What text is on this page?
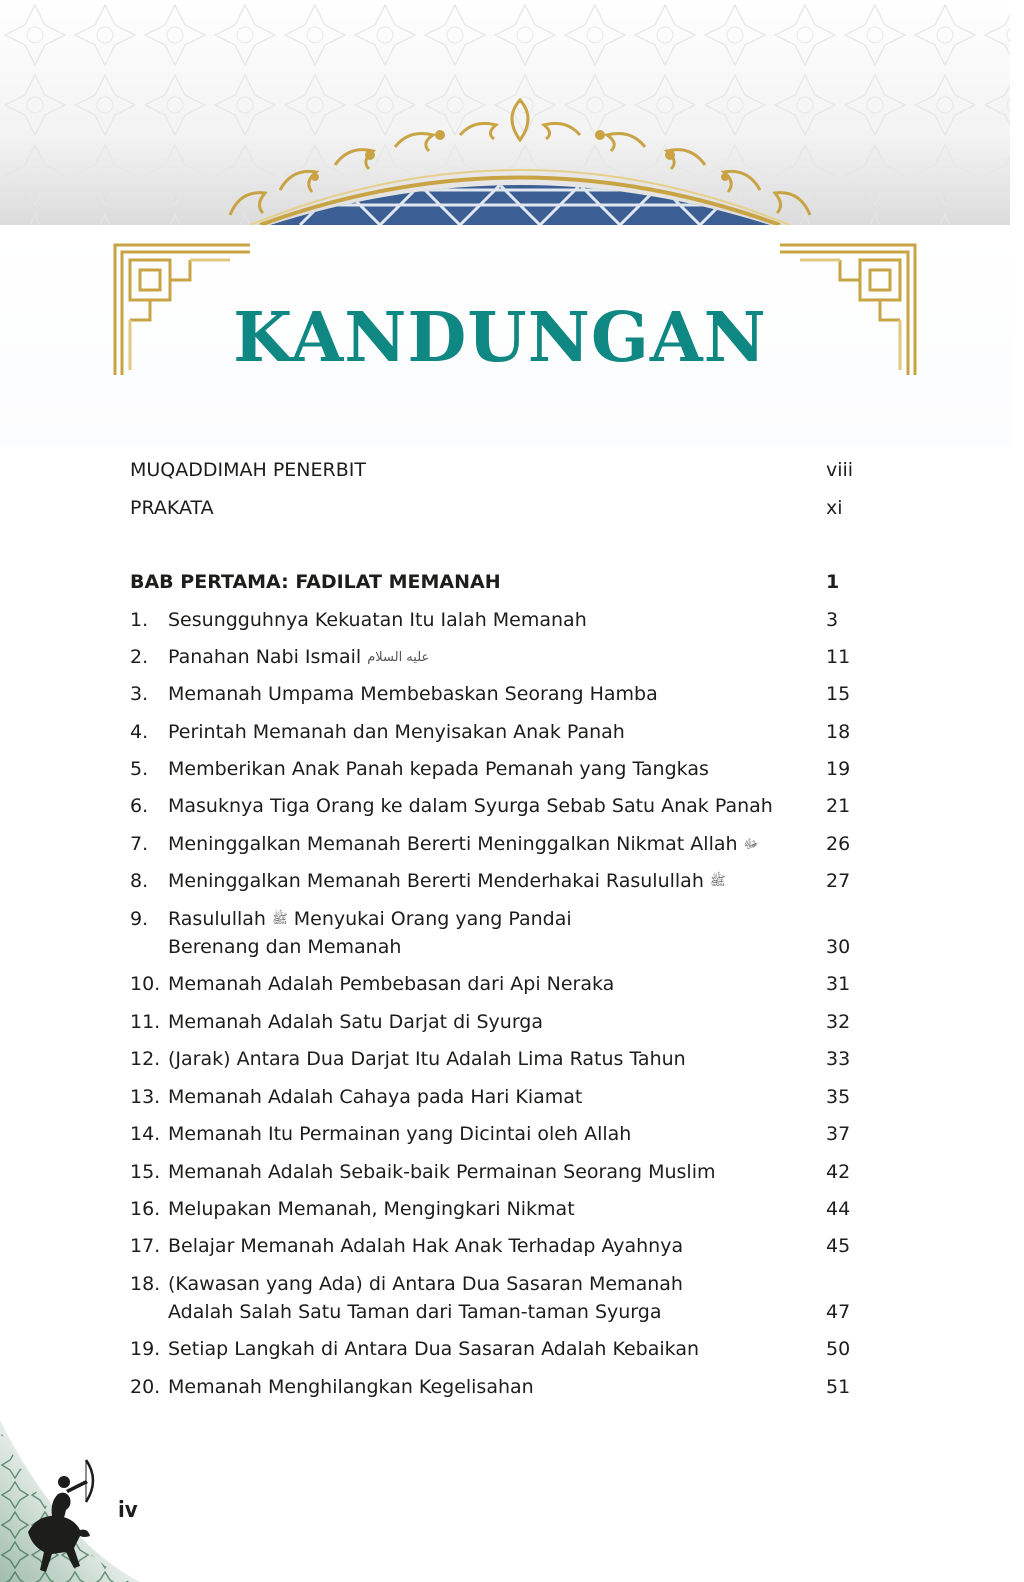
KANDUNGAN
MUQADDIMAH PENERBIT	viii
PRAKATA	xi
BAB PERTAMA: FADILAT MEMANAH	1
1. Sesungguhnya Kekuatan Itu Ialah Memanah	3
2. Panahan Nabi Ismail عليه السلام	11
3. Memanah Umpama Membebaskan Seorang Hamba	15
4. Perintah Memanah dan Menyisakan Anak Panah	18
5. Memberikan Anak Panah kepada Pemanah yang Tangkas	19
6. Masuknya Tiga Orang ke dalam Syurga Sebab Satu Anak Panah	21
7. Meninggalkan Memanah Bererti Meninggalkan Nikmat Allah ﷻ	26
8. Meninggalkan Memanah Bererti Menderhakai Rasulullah ﷺ	27
9. Rasulullah ﷺ Menyukai Orang yang Pandai
Berenang dan Memanah	30
10. Memanah Adalah Pembebasan dari Api Neraka	31
11. Memanah Adalah Satu Darjat di Syurga	32
12. (Jarak) Antara Dua Darjat Itu Adalah Lima Ratus Tahun	33
13. Memanah Adalah Cahaya pada Hari Kiamat	35
14. Memanah Itu Permainan yang Dicintai oleh Allah	37
15. Memanah Adalah Sebaik-baik Permainan Seorang Muslim	42
16. Melupakan Memanah, Mengingkari Nikmat	44
17. Belajar Memanah Adalah Hak Anak Terhadap Ayahnya	45
18. (Kawasan yang Ada) di Antara Dua Sasaran Memanah
Adalah Salah Satu Taman dari Taman-taman Syurga	47
19. Setiap Langkah di Antara Dua Sasaran Adalah Kebaikan	50
20. Memanah Menghilangkan Kegelisahan	51

iv
